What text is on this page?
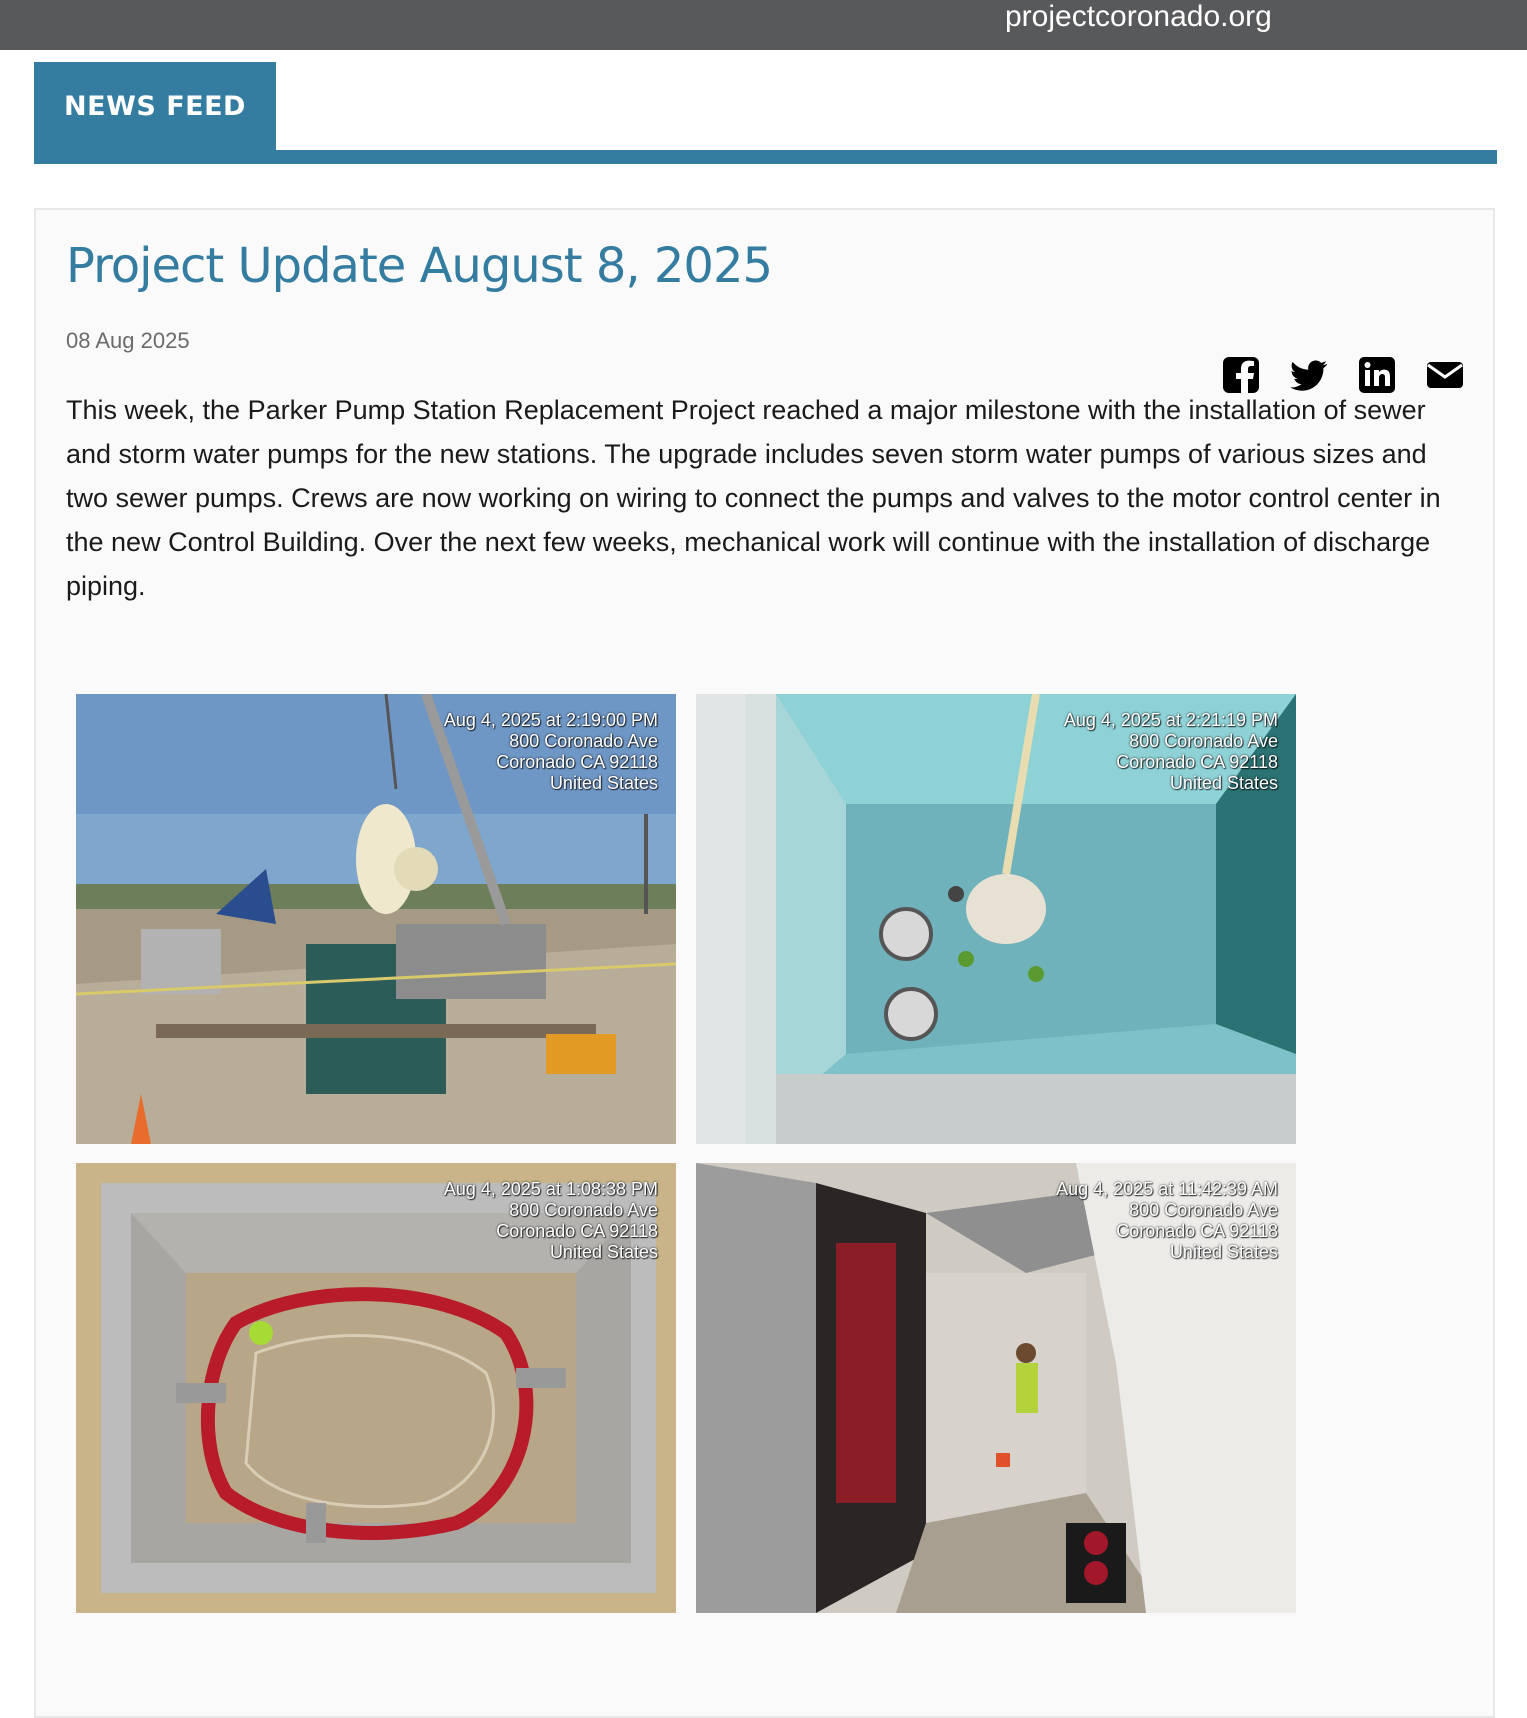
projectcoronado.org
NEWS FEED
Project Update August 8, 2025
08 Aug 2025

This week, the Parker Pump Station Replacement Project reached a major milestone with the installation of sewer and storm water pumps for the new stations. The upgrade includes seven storm water pumps of various sizes and two sewer pumps. Crews are now working on wiring to connect the pumps and valves to the motor control center in the new Control Building. Over the next few weeks, mechanical work will continue with the installation of discharge piping.

Aug 4, 2025 at 2:19:00 PM
800 Coronado Ave
Coronado CA 92118
United States
Aug 4, 2025 at 2:21:19 PM
800 Coronado Ave
Coronado CA 92118
United States
Aug 4, 2025 at 1:08:38 PM
800 Coronado Ave
Coronado CA 92118
United States
Aug 4, 2025 at 11:42:39 AM
800 Coronado Ave
Coronado CA 92118
United States
